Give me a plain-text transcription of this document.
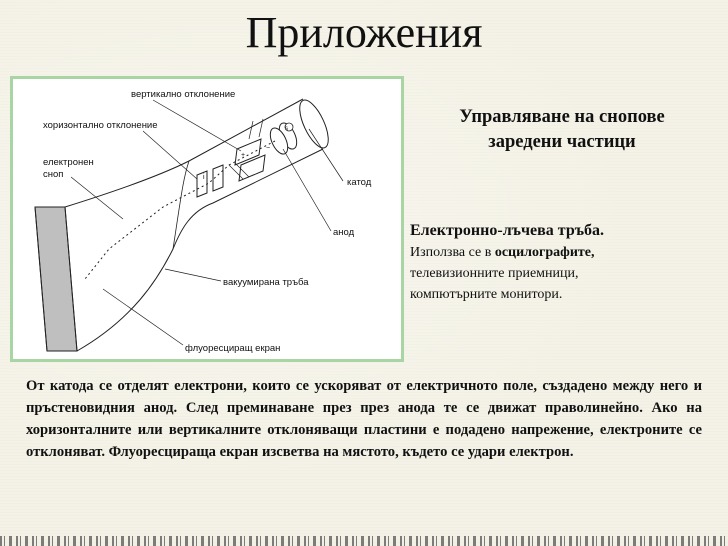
Приложения
s
+
−
i
вертикално отклонение
хоризонтално отклонение
електронен
сноп
катод
анод
вакуумирана тръба
флуоресциращ екран
Управляване на снопове
заредени частици
Електронно-лъчева тръба.
Използва се в осцилографите,
телевизионните приемници,
компютърните монитори.
От катода се отделят електрони, които се ускоряват от електричното поле, създадено между него и пръстеновидния анод. След преминаване през през анода те се движат праволинейно. Ако на хоризонталните или вертикалните отклоняващи пластини е подадено напрежение, електроните се отклоняват. Флуоресцираща екран изсветва на мястото, където се удари електрон.
